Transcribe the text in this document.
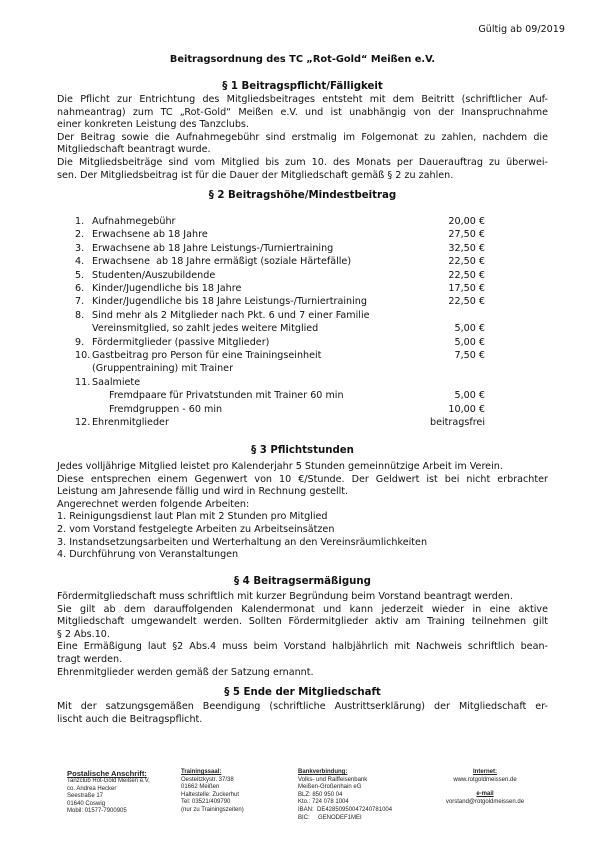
Gültig ab 09/2019
Beitragsordnung des TC „Rot-Gold“ Meißen e.V.
§ 1 Beitragspflicht/Fälligkeit
Die Pflicht zur Entrichtung des Mitgliedsbeitrages entsteht mit dem Beitritt (schriftlicher Auf-
nahmeantrag) zum TC „Rot-Gold“ Meißen e.V. und ist unabhängig von der Inanspruchnahme
einer konkreten Leistung des Tanzclubs.
Der Beitrag sowie die Aufnahmegebühr sind erstmalig im Folgemonat zu zahlen, nachdem die
Mitgliedschaft beantragt wurde.
Die Mitgliedsbeiträge sind vom Mitglied bis zum 10. des Monats per Dauerauftrag zu überwei-
sen. Der Mitgliedsbeitrag ist für die Dauer der Mitgliedschaft gemäß § 2 zu zahlen.
§ 2 Beitragshöhe/Mindestbeitrag
1. Aufnahmegebühr	20,00 €
2. Erwachsene ab 18 Jahre	27,50 €
3. Erwachsene ab 18 Jahre Leistungs-/Turniertraining	32,50 €
4. Erwachsene  ab 18 Jahre ermäßigt (soziale Härtefälle)	22,50 €
5. Studenten/Auszubildende	22,50 €
6. Kinder/Jugendliche bis 18 Jahre	17,50 €
7. Kinder/Jugendliche bis 18 Jahre Leistungs-/Turniertraining	22,50 €
8. Sind mehr als 2 Mitglieder nach Pkt. 6 und 7 einer Familie
Vereinsmitglied, so zahlt jedes weitere Mitglied	5,00 €
9. Fördermitglieder (passive Mitglieder)	5,00 €
10. Gastbeitrag pro Person für eine Trainingseinheit	7,50 €
(Gruppentraining) mit Trainer
11. Saalmiete
Fremdpaare für Privatstunden mit Trainer 60 min	5,00 €
Fremdgruppen - 60 min	10,00 €
12. Ehrenmitglieder	beitragsfrei
§ 3 Pflichtstunden
Jedes volljährige Mitglied leistet pro Kalenderjahr 5 Stunden gemeinnützige Arbeit im Verein.
Diese entsprechen einem Gegenwert von 10 €/Stunde. Der Geldwert ist bei nicht erbrachter
Leistung am Jahresende fällig und wird in Rechnung gestellt.
Angerechnet werden folgende Arbeiten:
1. Reinigungsdienst laut Plan mit 2 Stunden pro Mitglied
2. vom Vorstand festgelegte Arbeiten zu Arbeitseinsätzen
3. Instandsetzungsarbeiten und Werterhaltung an den Vereinsräumlichkeiten
4. Durchführung von Veranstaltungen
§ 4 Beitragsermäßigung
Fördermitgliedschaft muss schriftlich mit kurzer Begründung beim Vorstand beantragt werden.
Sie gilt ab dem darauffolgenden Kalendermonat und kann jederzeit wieder in eine aktive
Mitgliedschaft umgewandelt werden. Sollten Fördermitglieder aktiv am Training teilnehmen gilt
§ 2 Abs.10.
Eine Ermäßigung laut §2 Abs.4 muss beim Vorstand halbjährlich mit Nachweis schriftlich bean-
tragt werden.
Ehrenmitglieder werden gemäß der Satzung ernannt.
§ 5 Ende der Mitgliedschaft
Mit der satzungsgemäßen Beendigung (schriftliche Austrittserklärung) der Mitgliedschaft er-
lischt auch die Beitragspflicht.
Postalische Anschrift:
Tanzclub Rot-Gold Meißen e.V,
co. Andrea Hecker
Seestraße 17
01640 Coswig
Mobil: 01577-7900905
Trainingssaal:
Oesteitzkystr. 37/38
01662 Meißen
Haltestelle: Zuckerhut
Tel: 03521/409790
(nur zu Trainingszeiten)
Bankverbindung:
Volks- und Raiffeisenbank
Meißen-Großenhain eG
BLZ: 850 950 04
Kto.: 724 078 1004
IBAN:  DE42850950047240781004
BIC:     GENODEF1MEI
Internet:
www.rotgoldmeissen.de
e-mail
vorstand@rotgoldmeissen.de
